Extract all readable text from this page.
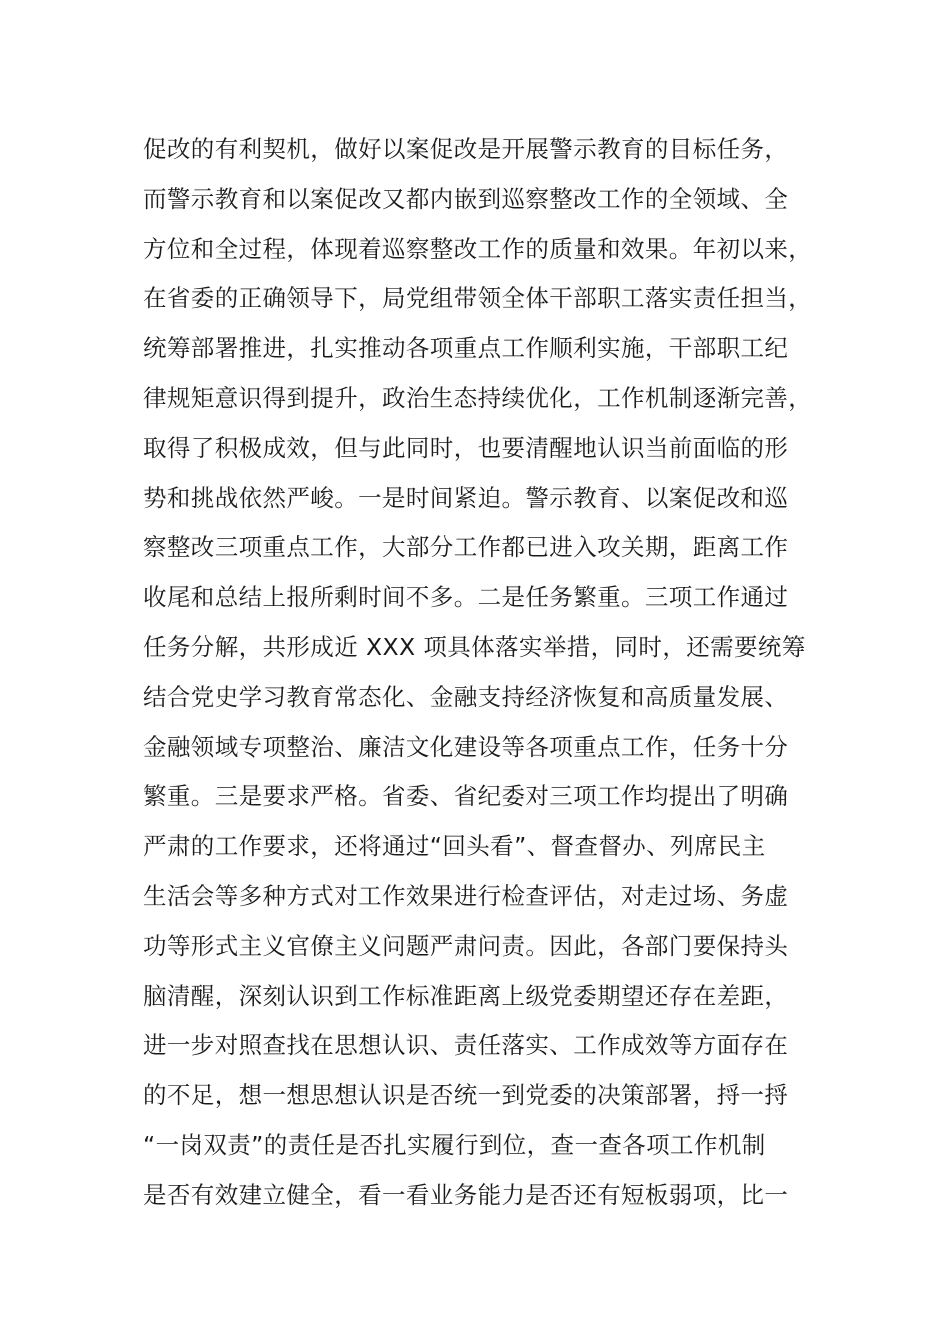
促改的有利契机，做好以案促改是开展警示教育的目标任务，
而警示教育和以案促改又都内嵌到巡察整改工作的全领域、全
方位和全过程，体现着巡察整改工作的质量和效果。年初以来，
在省委的正确领导下，局党组带领全体干部职工落实责任担当，
统筹部署推进，扎实推动各项重点工作顺利实施，干部职工纪
律规矩意识得到提升，政治生态持续优化，工作机制逐渐完善，
取得了积极成效，但与此同时，也要清醒地认识当前面临的形
势和挑战依然严峻。一是时间紧迫。警示教育、以案促改和巡
察整改三项重点工作，大部分工作都已进入攻关期，距离工作
收尾和总结上报所剩时间不多。二是任务繁重。三项工作通过
任务分解，共形成近 XXX 项具体落实举措，同时，还需要统筹
结合党史学习教育常态化、金融支持经济恢复和高质量发展、
金融领域专项整治、廉洁文化建设等各项重点工作，任务十分
繁重。三是要求严格。省委、省纪委对三项工作均提出了明确
严肃的工作要求，还将通过“回头看”、督查督办、列席民主
生活会等多种方式对工作效果进行检查评估，对走过场、务虚
功等形式主义官僚主义问题严肃问责。因此，各部门要保持头
脑清醒，深刻认识到工作标准距离上级党委期望还存在差距，
进一步对照查找在思想认识、责任落实、工作成效等方面存在
的不足，想一想思想认识是否统一到党委的决策部署，捋一捋
“一岗双责”的责任是否扎实履行到位，查一查各项工作机制
是否有效建立健全，看一看业务能力是否还有短板弱项，比一
